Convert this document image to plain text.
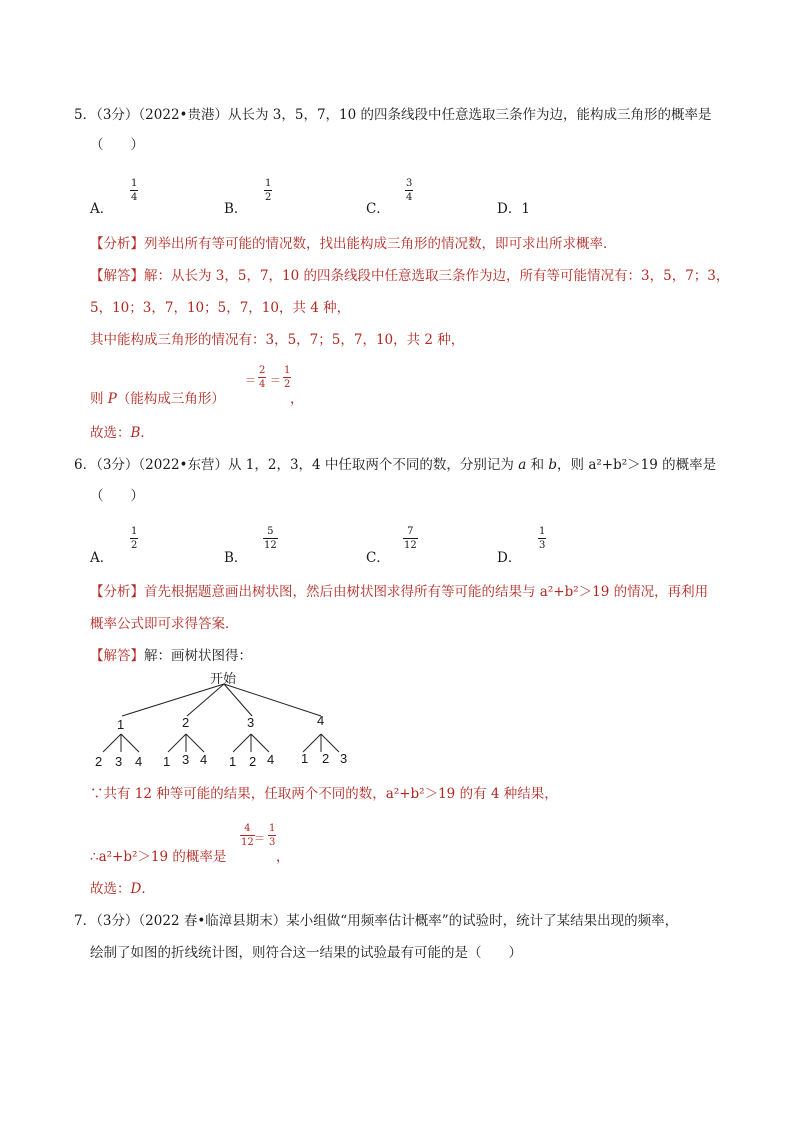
5．（3分）（2022•贵港）从长为 3，5，7，10 的四条线段中任意选取三条作为边，能构成三角形的概率是
（　　）
A．
1
4
B．
1
2
C．
3
4
D．1
【分析】列举出所有等可能的情况数，找出能构成三角形的情况数，即可求出所求概率．
【解答】解：从长为 3，5，7，10 的四条线段中任意选取三条作为边，所有等可能情况有：3，5，7；3，
5，10；3，7，10；5，7，10，共 4 种，
其中能构成三角形的情况有：3，5，7；5，7，10，共 2 种，
则 P（能构成三角形）
＝
2
4 ＝
1
2
，
故选：B．
6．（3分）（2022•东营）从 1，2，3，4 中任取两个不同的数，分别记为 a 和 b，则 a²+b²＞19 的概率是
（　　）
A．
1
2
B．
5
12
C．
7
12
D．
1
3
【分析】首先根据题意画出树状图，然后由树状图求得所有等可能的结果与 a²+b²＞19 的情况，再利用
概率公式即可求得答案．
【解答】解：画树状图得：
开始
1	2	3	4
2 3 4 1 3 4 1 2 4 1 2 3
∵共有 12 种等可能的结果，任取两个不同的数，a²+b²＞19 的有 4 种结果，
∴a²+b²＞19 的概率是
4
12 ＝
1
3
，
故选：D．
7．（3分）（2022 春•临漳县期末）某小组做“用频率估计概率”的试验时，统计了某结果出现的频率，
绘制了如图的折线统计图，则符合这一结果的试验最有可能的是（　　）
